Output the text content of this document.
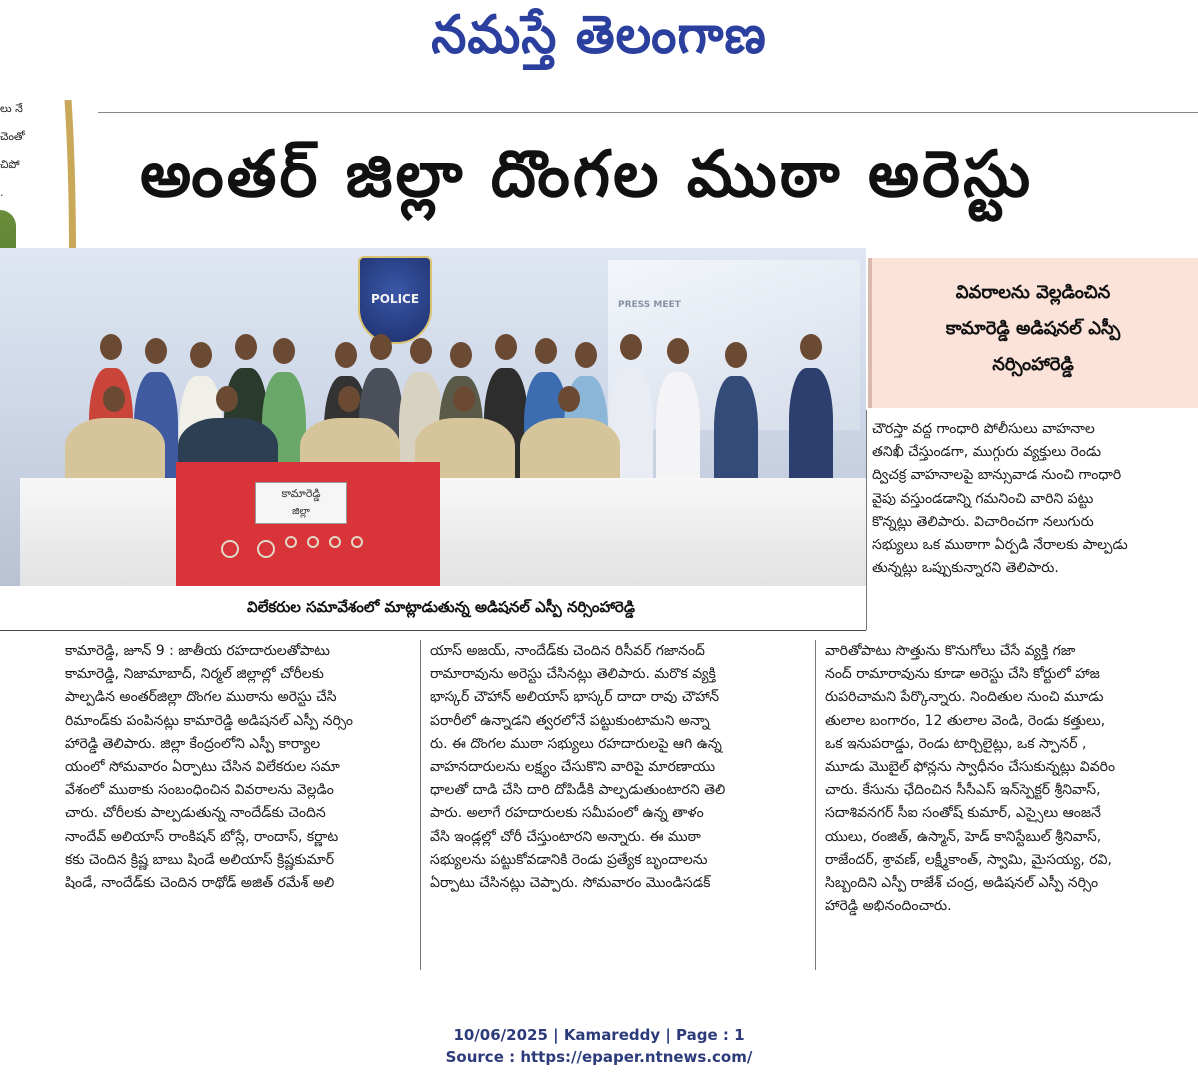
నమస్తే తెలంగాణ
లు నే
చెంతో
చిపో
.	అంతర్ జిల్లా దొంగల ముఠా అరెస్టు
PRESS MEET
POLICE
కామారెడ్డి
జిల్లా
విలేకరుల సమావేశంలో మాట్లాడుతున్న అడిషనల్ ఎస్పీ నర్సింహారెడ్డి
వివరాలను వెల్లడించిన
కామారెడ్డి అడిషనల్ ఎస్పీ
నర్సింహారెడ్డి
చౌరస్తా వద్ద గాంధారి పోలీసులు వాహనాల
తనిఖీ చేస్తుండగా, ముగ్గురు వ్యక్తులు రెండు
ద్విచక్ర వాహనాలపై బాన్సువాడ నుంచి గాంధారి
వైపు వస్తుండడాన్ని గమనించి వారిని పట్టు
కొన్నట్లు తెలిపారు. విచారించగా నలుగురు
సభ్యులు ఒక ముఠాగా ఏర్పడి నేరాలకు పాల్పడు
తున్నట్లు ఒప్పుకున్నారని తెలిపారు.
కామారెడ్డి, జూన్ 9 : జాతీయ రహదారులతోపాటు
కామారెడ్డి, నిజామాబాద్, నిర్మల్ జిల్లాల్లో చోరీలకు
పాల్పడిన అంతర్‌జిల్లా దొంగల ముఠాను అరెస్టు చేసి
రిమాండ్‌కు పంపినట్లు కామారెడ్డి అడిషనల్ ఎస్పీ నర్సిం
హారెడ్డి తెలిపారు. జిల్లా కేంద్రంలోని ఎస్పీ కార్యాల
యంలో సోమవారం ఏర్పాటు చేసిన విలేకరుల సమా
వేశంలో ముఠాకు సంబంధించిన వివరాలను వెల్లడిం
చారు. చోరీలకు పాల్పడుతున్న నాందేడ్‌కు చెందిన
నాందేవ్ అలియాస్ రాంకిషన్ బోస్లే, రాందాస్, కర్ణాట
కకు చెందిన క్రిష్ణ బాబు షిండే అలియాస్ క్రిష్ణకుమార్
షిండే, నాందేడ్‌కు చెందిన రాథోడ్ అజిత్ రమేశ్ అలి
యాస్ అజయ్, నాందేడ్‌కు చెందిన రిసీవర్ గజానంద్
రామారావును అరెస్టు చేసినట్లు తెలిపారు. మరొక వ్యక్తి
భాస్కర్ చౌహాన్ అలియాస్ భాస్కర్ దాదా రావు చౌహాన్
పరారీలో ఉన్నాడని త్వరలోనే పట్టుకుంటామని అన్నా
రు. ఈ దొంగల ముఠా సభ్యులు రహదారులపై ఆగి ఉన్న
వాహనదారులను లక్ష్యం చేసుకొని వారిపై మారణాయు
ధాలతో దాడి చేసి దారి దోపిడీకి పాల్పడుతుంటారని తెలి
పారు. అలాగే రహదారులకు సమీపంలో ఉన్న తాళం
వేసి ఇండ్లల్లో చోరీ చేస్తుంటారని అన్నారు. ఈ ముఠా
సభ్యులను పట్టుకోవడానికి రెండు ప్రత్యేక బృందాలను
ఏర్పాటు చేసినట్లు చెప్పారు. సోమవారం మొండిసడక్
వారితోపాటు సొత్తును కొనుగోలు చేసే వ్యక్తి గజా
నంద్ రామారావును కూడా అరెస్టు చేసి కోర్టులో హాజ
రుపరిచామని పేర్కొన్నారు. నిందితుల నుంచి మూడు
తులాల బంగారం, 12 తులాల వెండి, రెండు కత్తులు,
ఒక ఇనుపరాడ్డు, రెండు టార్చిలైట్లు, ఒక స్పానర్ ,
మూడు మొబైల్ ఫోన్లను స్వాధీనం చేసుకున్నట్లు వివరిం
చారు. కేసును ఛేదించిన సీసీఎస్ ఇన్‌స్పెక్టర్ శ్రీనివాస్,
సదాశివనగర్ సీఐ సంతోష్ కుమార్, ఎస్సైలు ఆంజనే
యులు, రంజిత్, ఉస్మాన్, హెడ్ కానిస్టేబుల్ శ్రీనివాస్,
రాజేందర్, శ్రావణ్, లక్ష్మీకాంత్, స్వామి, మైసయ్య, రవి,
సిబ్బందిని ఎస్పీ రాజేశ్ చంద్ర, అడిషనల్ ఎస్పీ నర్సిం
హారెడ్డి అభినందించారు.
10/06/2025 | Kamareddy | Page : 1
Source : https://epaper.ntnews.com/
